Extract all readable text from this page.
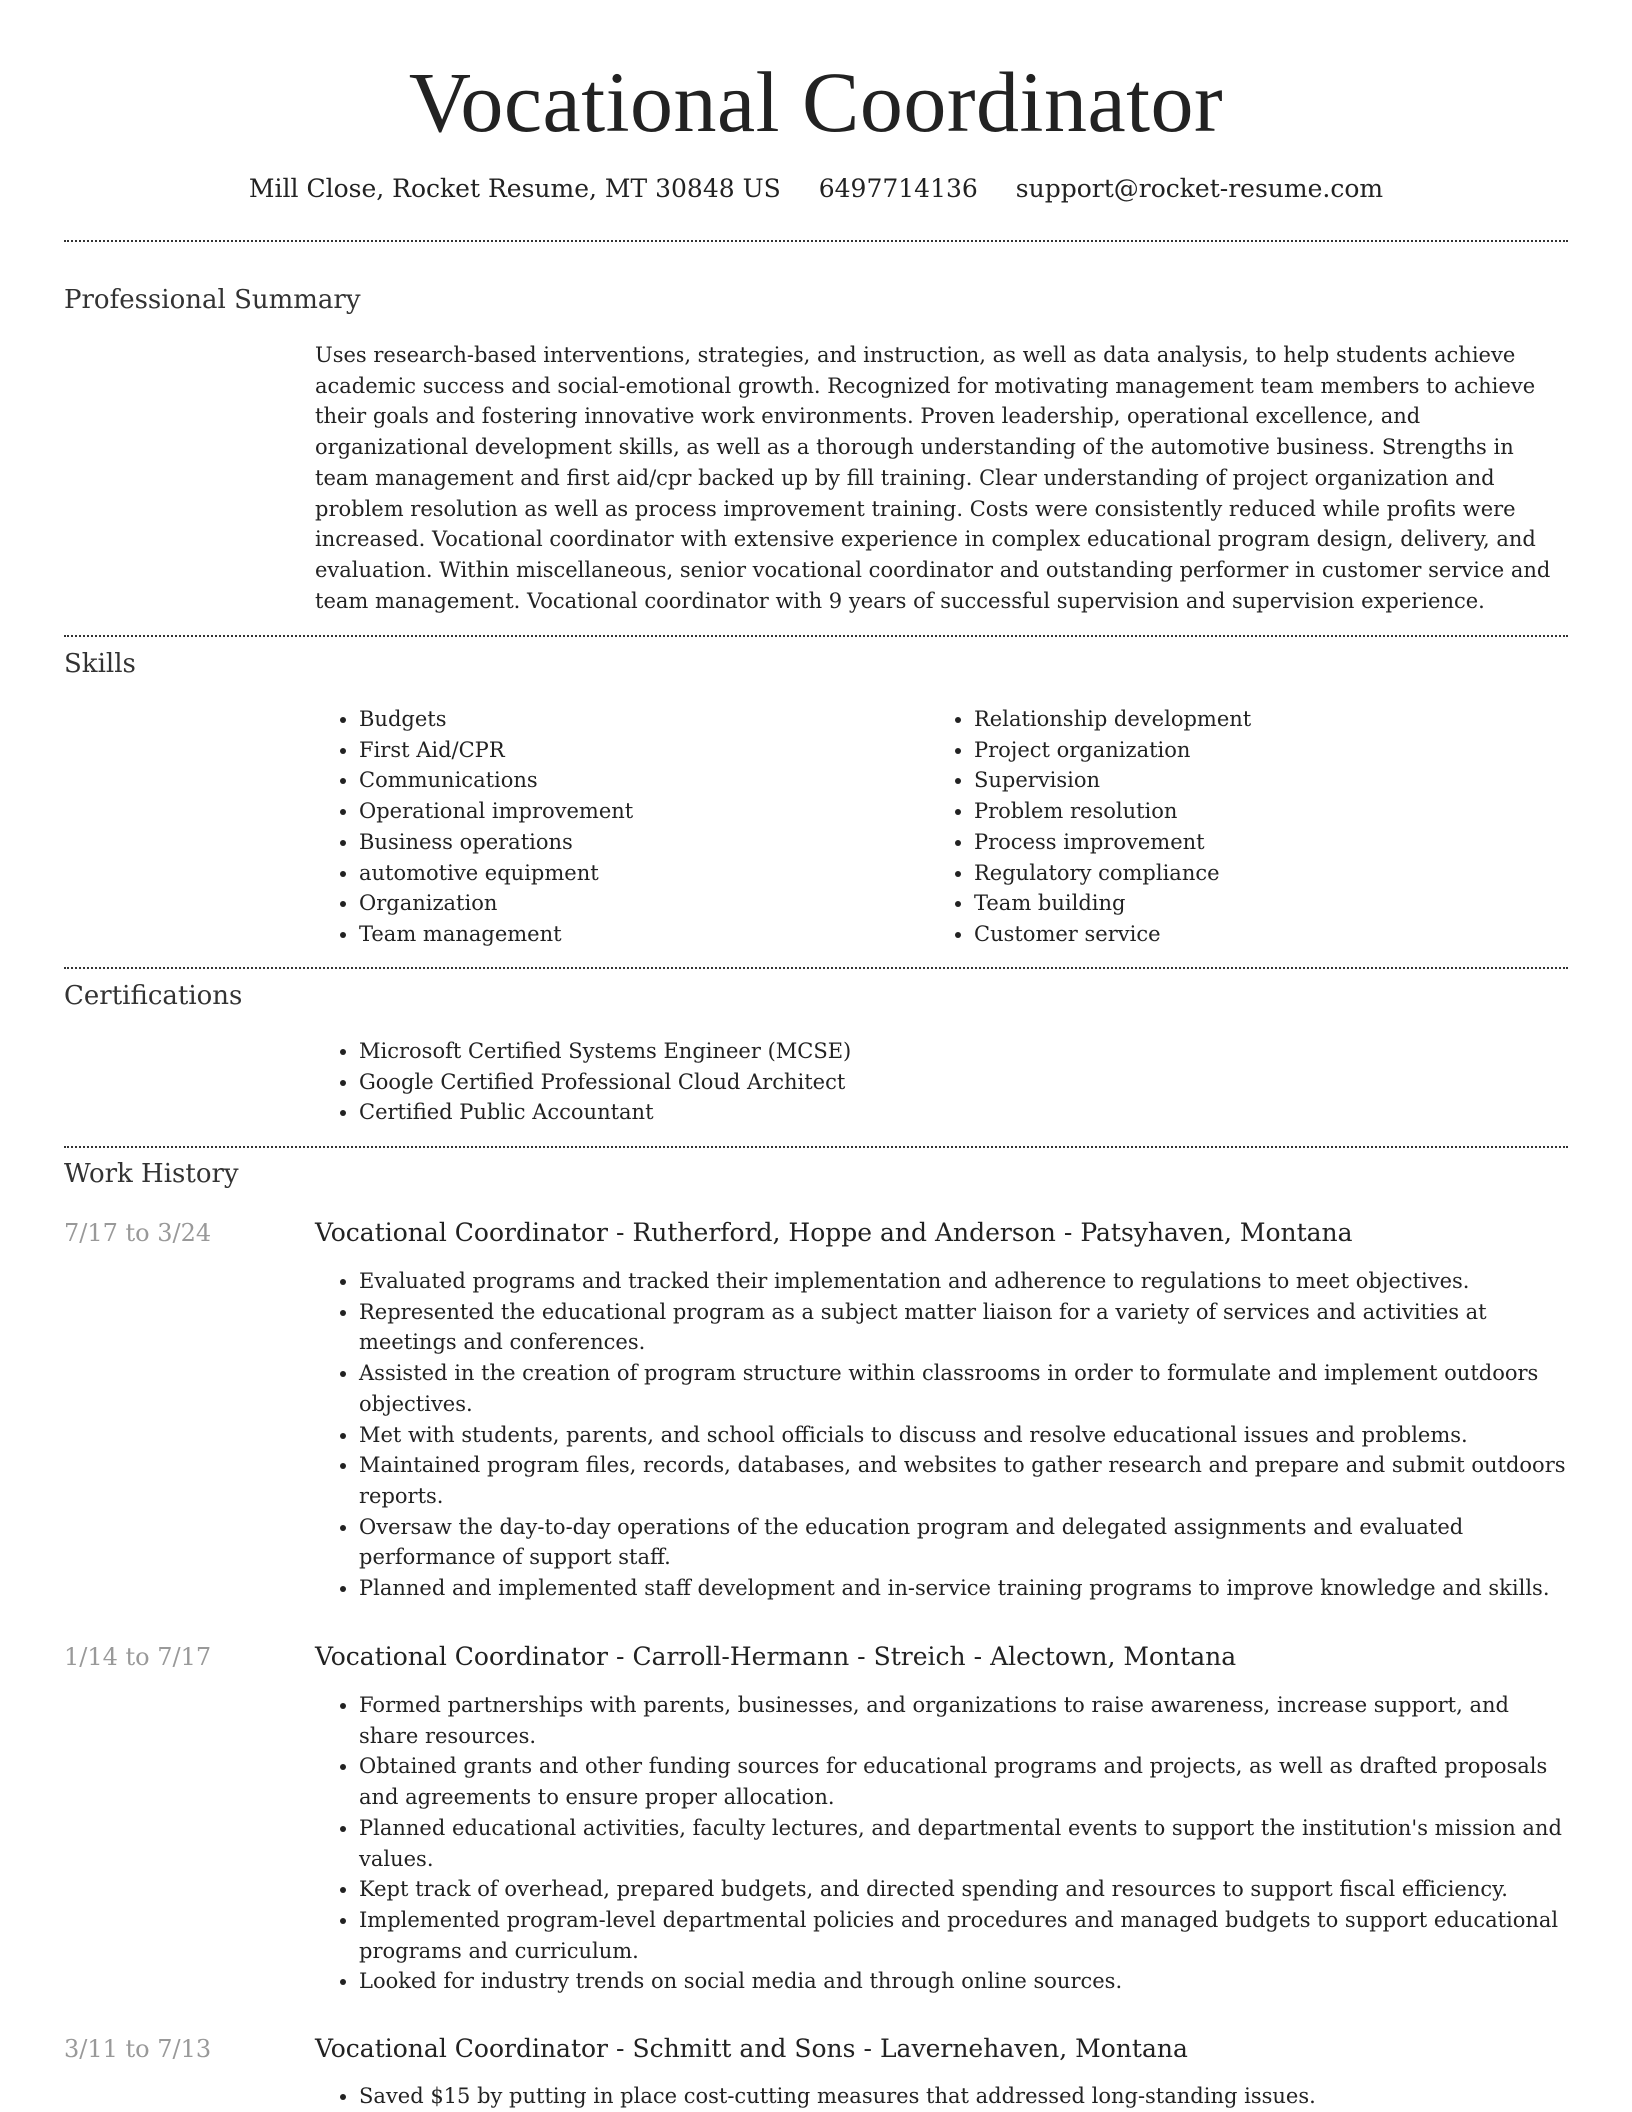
Vocational Coordinator
Mill Close, Rocket Resume, MT 30848 US 6497714136 support@rocket-resume.com
Professional Summary
Uses research-based interventions, strategies, and instruction, as well as data analysis, to help students achieve academic success and social-emotional growth. Recognized for motivating management team members to achieve their goals and fostering innovative work environments. Proven leadership, operational excellence, and organizational development skills, as well as a thorough understanding of the automotive business. Strengths in team management and first aid/cpr backed up by fill training. Clear understanding of project organization and problem resolution as well as process improvement training. Costs were consistently reduced while profits were increased. Vocational coordinator with extensive experience in complex educational program design, delivery, and evaluation. Within miscellaneous, senior vocational coordinator and outstanding performer in customer service and team management. Vocational coordinator with 9 years of successful supervision and supervision experience.
Skills
• Budgets
• First Aid/CPR
• Communications
• Operational improvement
• Business operations
• automotive equipment
• Organization
• Team management
• Relationship development
• Project organization
• Supervision
• Problem resolution
• Process improvement
• Regulatory compliance
• Team building
• Customer service
Certifications
• Microsoft Certified Systems Engineer (MCSE)
• Google Certified Professional Cloud Architect
• Certified Public Accountant
Work History
7/17 to 3/24	Vocational Coordinator - Rutherford, Hoppe and Anderson - Patsyhaven, Montana
• Evaluated programs and tracked their implementation and adherence to regulations to meet objectives.
• Represented the educational program as a subject matter liaison for a variety of services and activities at meetings and conferences.
• Assisted in the creation of program structure within classrooms in order to formulate and implement outdoors objectives.
• Met with students, parents, and school officials to discuss and resolve educational issues and problems.
• Maintained program files, records, databases, and websites to gather research and prepare and submit outdoors reports.
• Oversaw the day-to-day operations of the education program and delegated assignments and evaluated performance of support staff.
• Planned and implemented staff development and in-service training programs to improve knowledge and skills.
1/14 to 7/17	Vocational Coordinator - Carroll-Hermann - Streich - Alectown, Montana
• Formed partnerships with parents, businesses, and organizations to raise awareness, increase support, and share resources.
• Obtained grants and other funding sources for educational programs and projects, as well as drafted proposals and agreements to ensure proper allocation.
• Planned educational activities, faculty lectures, and departmental events to support the institution's mission and values.
• Kept track of overhead, prepared budgets, and directed spending and resources to support fiscal efficiency.
• Implemented program-level departmental policies and procedures and managed budgets to support educational programs and curriculum.
• Looked for industry trends on social media and through online sources.
3/11 to 7/13	Vocational Coordinator - Schmitt and Sons - Lavernehaven, Montana
• Saved $15 by putting in place cost-cutting measures that addressed long-standing issues.
